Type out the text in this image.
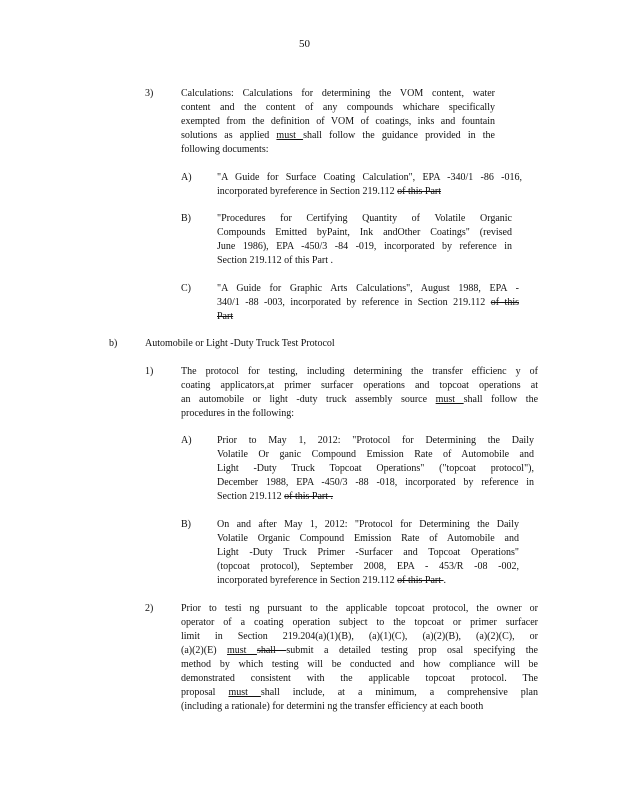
50
3)	Calculations: Calculations for determining the VOM content, water
content and the content of any compounds whichare specifically
exempted from the definition of VOM of coatings, inks and fountain
solutions as applied must shall follow the guidance provided in the
following documents:
A)	"A Guide for Surface Coating Calculation", EPA -340/1 -86 -016,
incorporated byreference in Section 219.112 of this Part
B)	"Procedures for Certifying Quantity of Volatile Organic
Compounds Emitted byPaint, Ink andOther Coatings" (revised
June 1986), EPA -450/3 -84 -019, incorporated by reference in
Section 219.112 of this Part .
C)	"A Guide for Graphic Arts Calculations", August 1988, EPA -
340/1 -88 -003, incorporated by reference in Section 219.112 of this
Part
b)	Automobile or Light -Duty Truck Test Protocol
1)	The protocol for testing, including determining the transfer efficienc y of
coating applicators,at primer surfacer operations and topcoat operations at
an automobile or light -duty truck assembly source must shall follow the
procedures in the following:
A)	Prior to May 1, 2012: "Protocol for Determining the Daily
Volatile Or ganic Compound Emission Rate of Automobile and
Light -Duty Truck Topcoat Operations" ("topcoat protocol"),
December 1988, EPA -450/3 -88 -018, incorporated by reference in
Section 219.112 of this Part .
B)	On and after May 1, 2012: "Protocol for Determining the Daily
Volatile Organic Compound Emission Rate of Automobile and
Light -Duty Truck Primer -Surfacer and Topcoat Operations"
(topcoat protocol), September 2008, EPA - 453/R -08 -002,
incorporated byreference in Section 219.112 of this Part .
2)	Prior to testi ng pursuant to the applicable topcoat protocol, the owner or
operator of a coating operation subject to the topcoat or primer surfacer
limit in Section 219.204(a)(1)(B), (a)(1)(C), (a)(2)(B), (a)(2)(C), or
(a)(2)(E) must shall submit a detailed testing prop osal specifying the
method by which testing will be conducted and how compliance will be
demonstrated consistent with the applicable topcoat protocol. The
proposal must shall include, at a minimum, a comprehensive plan
(including a rationale) for determini ng the transfer efficiency at each booth
